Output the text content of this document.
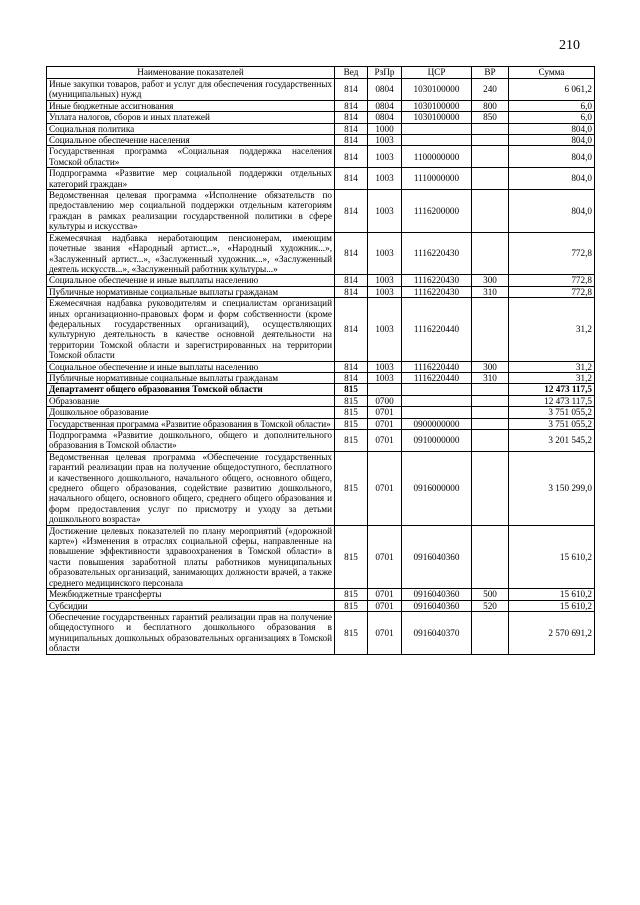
210
Наименование показателей	Вед	РзПр	ЦСР	ВР	Сумма
Иные закупки товаров, работ и услуг для обеспечения государственных (муниципальных) нужд	814	0804	1030100000	240	6 061,2
Иные бюджетные ассигнования	814	0804	1030100000	800	6,0
Уплата налогов, сборов и иных платежей	814	0804	1030100000	850	6,0
Социальная политика	814	1000			804,0
Социальное обеспечение населения	814	1003			804,0
Государственная программа «Социальная поддержка населения Томской области»	814	1003	1100000000		804,0
Подпрограмма «Развитие мер социальной поддержки отдельных категорий граждан»	814	1003	1110000000		804,0
Ведомственная целевая программа «Исполнение обязательств по предоставлению мер социальной поддержки отдельным категориям граждан в рамках реализации государственной политики в сфере культуры и искусства»	814	1003	1116200000		804,0
Ежемесячная надбавка неработающим пенсионерам, имеющим почетные звания «Народный артист...», «Народный художник...», «Заслуженный артист...», «Заслуженный художник...», «Заслуженный деятель искусств...», «Заслуженный работник культуры...»	814	1003	1116220430		772,8
Социальное обеспечение и иные выплаты населению	814	1003	1116220430	300	772,8
Публичные нормативные социальные выплаты гражданам	814	1003	1116220430	310	772,8
Ежемесячная надбавка руководителям и специалистам организаций иных организационно-правовых форм и форм собственности (кроме федеральных государственных организаций), осуществляющих культурную деятельность в качестве основной деятельности на территории Томской области и зарегистрированных на территории Томской области	814	1003	1116220440		31,2
Социальное обеспечение и иные выплаты населению	814	1003	1116220440	300	31,2
Публичные нормативные социальные выплаты гражданам	814	1003	1116220440	310	31,2
Департамент общего образования Томской области	815				12 473 117,5
Образование	815	0700			12 473 117,5
Дошкольное образование	815	0701			3 751 055,2
Государственная программа «Развитие образования в Томской области»	815	0701	0900000000		3 751 055,2
Подпрограмма «Развитие дошкольного, общего и дополнительного образования в Томской области»	815	0701	0910000000		3 201 545,2
Ведомственная целевая программа «Обеспечение государственных гарантий реализации прав на получение общедоступного, бесплатного и качественного дошкольного, начального общего, основного общего, среднего общего образования, содействие развитию дошкольного, начального общего, основного общего, среднего общего образования и форм предоставления услуг по присмотру и уходу за детьми дошкольного возраста»	815	0701	0916000000		3 150 299,0
Достижение целевых показателей по плану мероприятий («дорожной карте») «Изменения в отраслях социальной сферы, направленные на повышение эффективности здравоохранения в Томской области» в части повышения заработной платы работников муниципальных образовательных организаций, занимающих должности врачей, а также среднего медицинского персонала	815	0701	0916040360		15 610,2
Межбюджетные трансферты	815	0701	0916040360	500	15 610,2
Субсидии	815	0701	0916040360	520	15 610,2
Обеспечение государственных гарантий реализации прав на получение общедоступного и бесплатного дошкольного образования в муниципальных дошкольных образовательных организациях в Томской области	815	0701	0916040370		2 570 691,2
